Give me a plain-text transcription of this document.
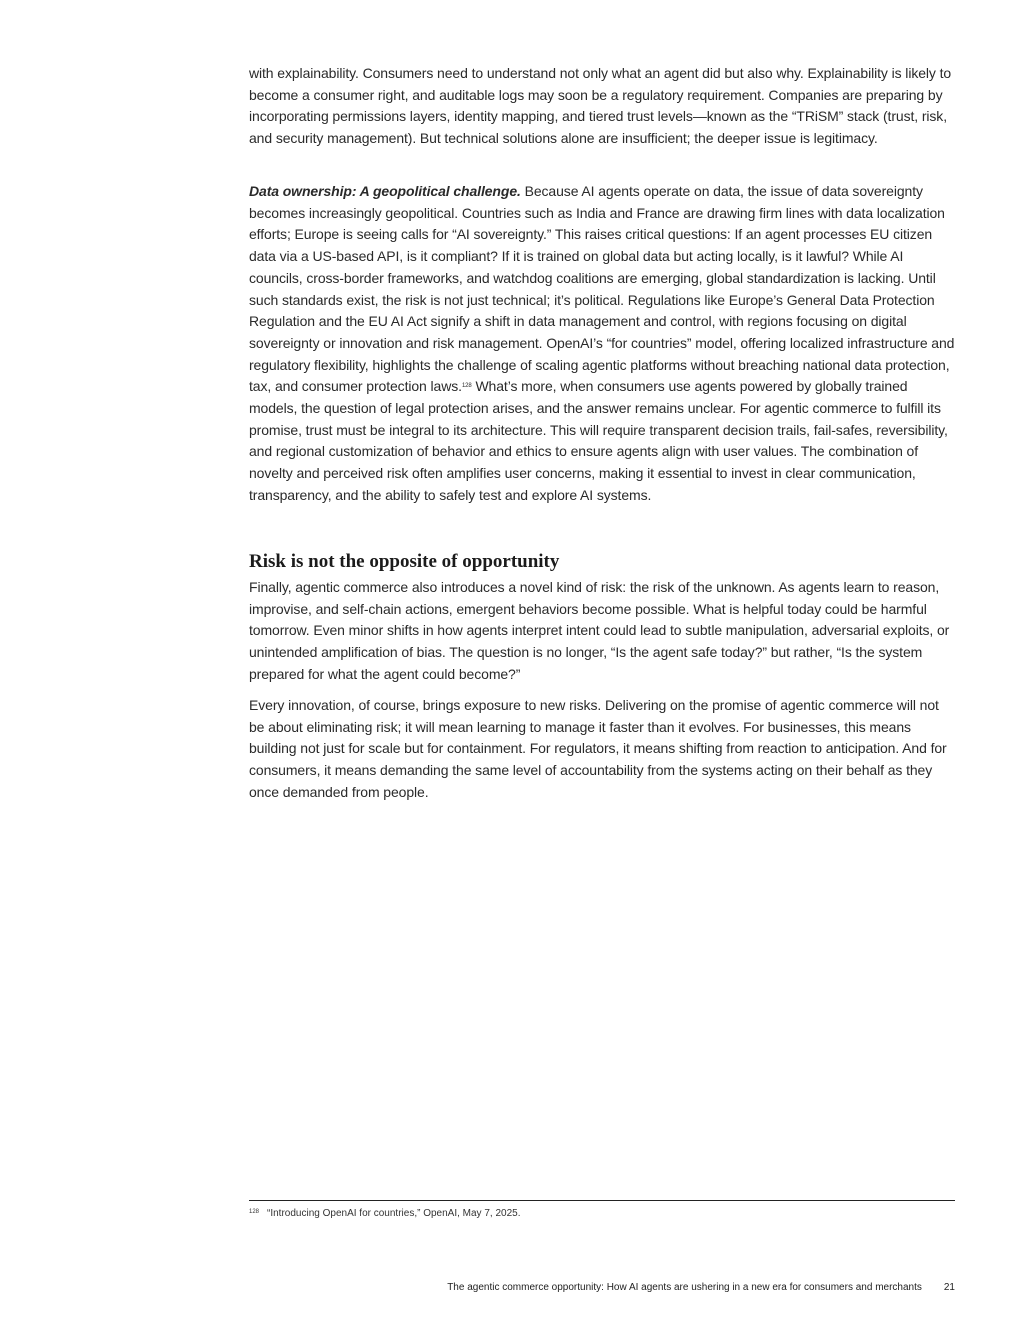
with explainability. Consumers need to understand not only what an agent did but also why. Explainability is likely to become a consumer right, and auditable logs may soon be a regulatory requirement. Companies are preparing by incorporating permissions layers, identity mapping, and tiered trust levels—known as the “TRiSM” stack (trust, risk, and security management). But technical solutions alone are insufficient; the deeper issue is legitimacy.

Data ownership: A geopolitical challenge. Because AI agents operate on data, the issue of data sovereignty becomes increasingly geopolitical. Countries such as India and France are drawing firm lines with data localization efforts; Europe is seeing calls for “AI sovereignty.” This raises critical questions: If an agent processes EU citizen data via a US-based API, is it compliant? If it is trained on global data but acting locally, is it lawful? While AI councils, cross-border frameworks, and watchdog coalitions are emerging, global standardization is lacking. Until such standards exist, the risk is not just technical; it’s political. Regulations like Europe’s General Data Protection Regulation and the EU AI Act signify a shift in data management and control, with regions focusing on digital sovereignty or innovation and risk management. OpenAI’s “for countries” model, offering localized infrastructure and regulatory flexibility, highlights the challenge of scaling agentic platforms without breaching national data protection, tax, and consumer protection laws.$^{128}$ What’s more, when consumers use agents powered by globally trained models, the question of legal protection arises, and the answer remains unclear. For agentic commerce to fulfill its promise, trust must be integral to its architecture. This will require transparent decision trails, fail-safes, reversibility, and regional customization of behavior and ethics to ensure agents align with user values. The combination of novelty and perceived risk often amplifies user concerns, making it essential to invest in clear communication, transparency, and the ability to safely test and explore AI systems.

Risk is not the opposite of opportunity

Finally, agentic commerce also introduces a novel kind of risk: the risk of the unknown. As agents learn to reason, improvise, and self-chain actions, emergent behaviors become possible. What is helpful today could be harmful tomorrow. Even minor shifts in how agents interpret intent could lead to subtle manipulation, adversarial exploits, or unintended amplification of bias. The question is no longer, “Is the agent safe today?” but rather, “Is the system prepared for what the agent could become?”

Every innovation, of course, brings exposure to new risks. Delivering on the promise of agentic commerce will not be about eliminating risk; it will mean learning to manage it faster than it evolves. For businesses, this means building not just for scale but for containment. For regulators, it means shifting from reaction to anticipation. And for consumers, it means demanding the same level of accountability from the systems acting on their behalf as they once demanded from people.

$^{128}$ “Introducing OpenAI for countries,” OpenAI, May 7, 2025.
The agentic commerce opportunity: How AI agents are ushering in a new era for consumers and merchants 21
